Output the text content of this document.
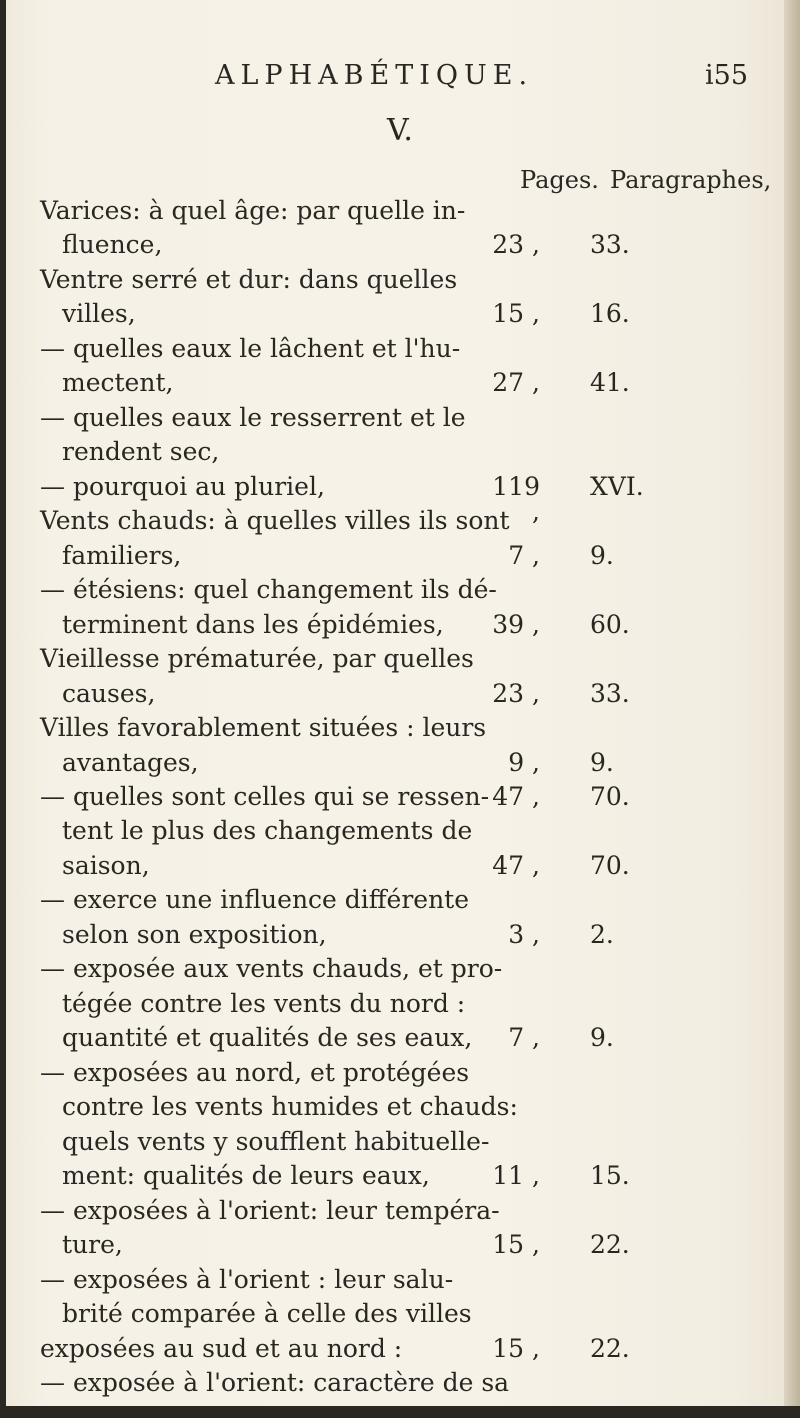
ALPHABÉTIQUE.	i55
V.
Pages. Paragraphes,
Varices: à quel âge: par quelle in-
fluence,
Ventre serré et dur: dans quelles
villes,
— quelles eaux le lâchent et l'hu-
mectent,
— quelles eaux le resserrent et le
rendent sec,
— pourquoi au pluriel,
Vents chauds: à quelles villes ils sont
familiers,
— étésiens: quel changement ils dé-
terminent dans les épidémies,
Vieillesse prématurée, par quelles
causes,
Villes favorablement situées : leurs
avantages,
— quelles sont celles qui se ressen-
tent le plus des changements de
saison,
— exerce une influence différente
selon son exposition,
— exposée aux vents chauds, et pro-
tégée contre les vents du nord :
quantité et qualités de ses eaux,
— exposées au nord, et protégées
contre les vents humides et chauds:
quels vents y soufflent habituelle-
ment: qualités de leurs eaux,
— exposées à l'orient: leur tempéra-
ture,
— exposées à l'orient : leur salu-
brité comparée à celle des villes
23 , 33.
15 , 16.
27 , 41.
119 ,
XVI.
7 , 9.
39 , 60.
23 , 33.
9 , 9.
47 , 70.
47 , 70.
3 , 2.
7 , 9.
11 , 15.
15 , 22.
15 , 22.
exposées au sud et au nord :
— exposée à l'orient: caractère de sa
